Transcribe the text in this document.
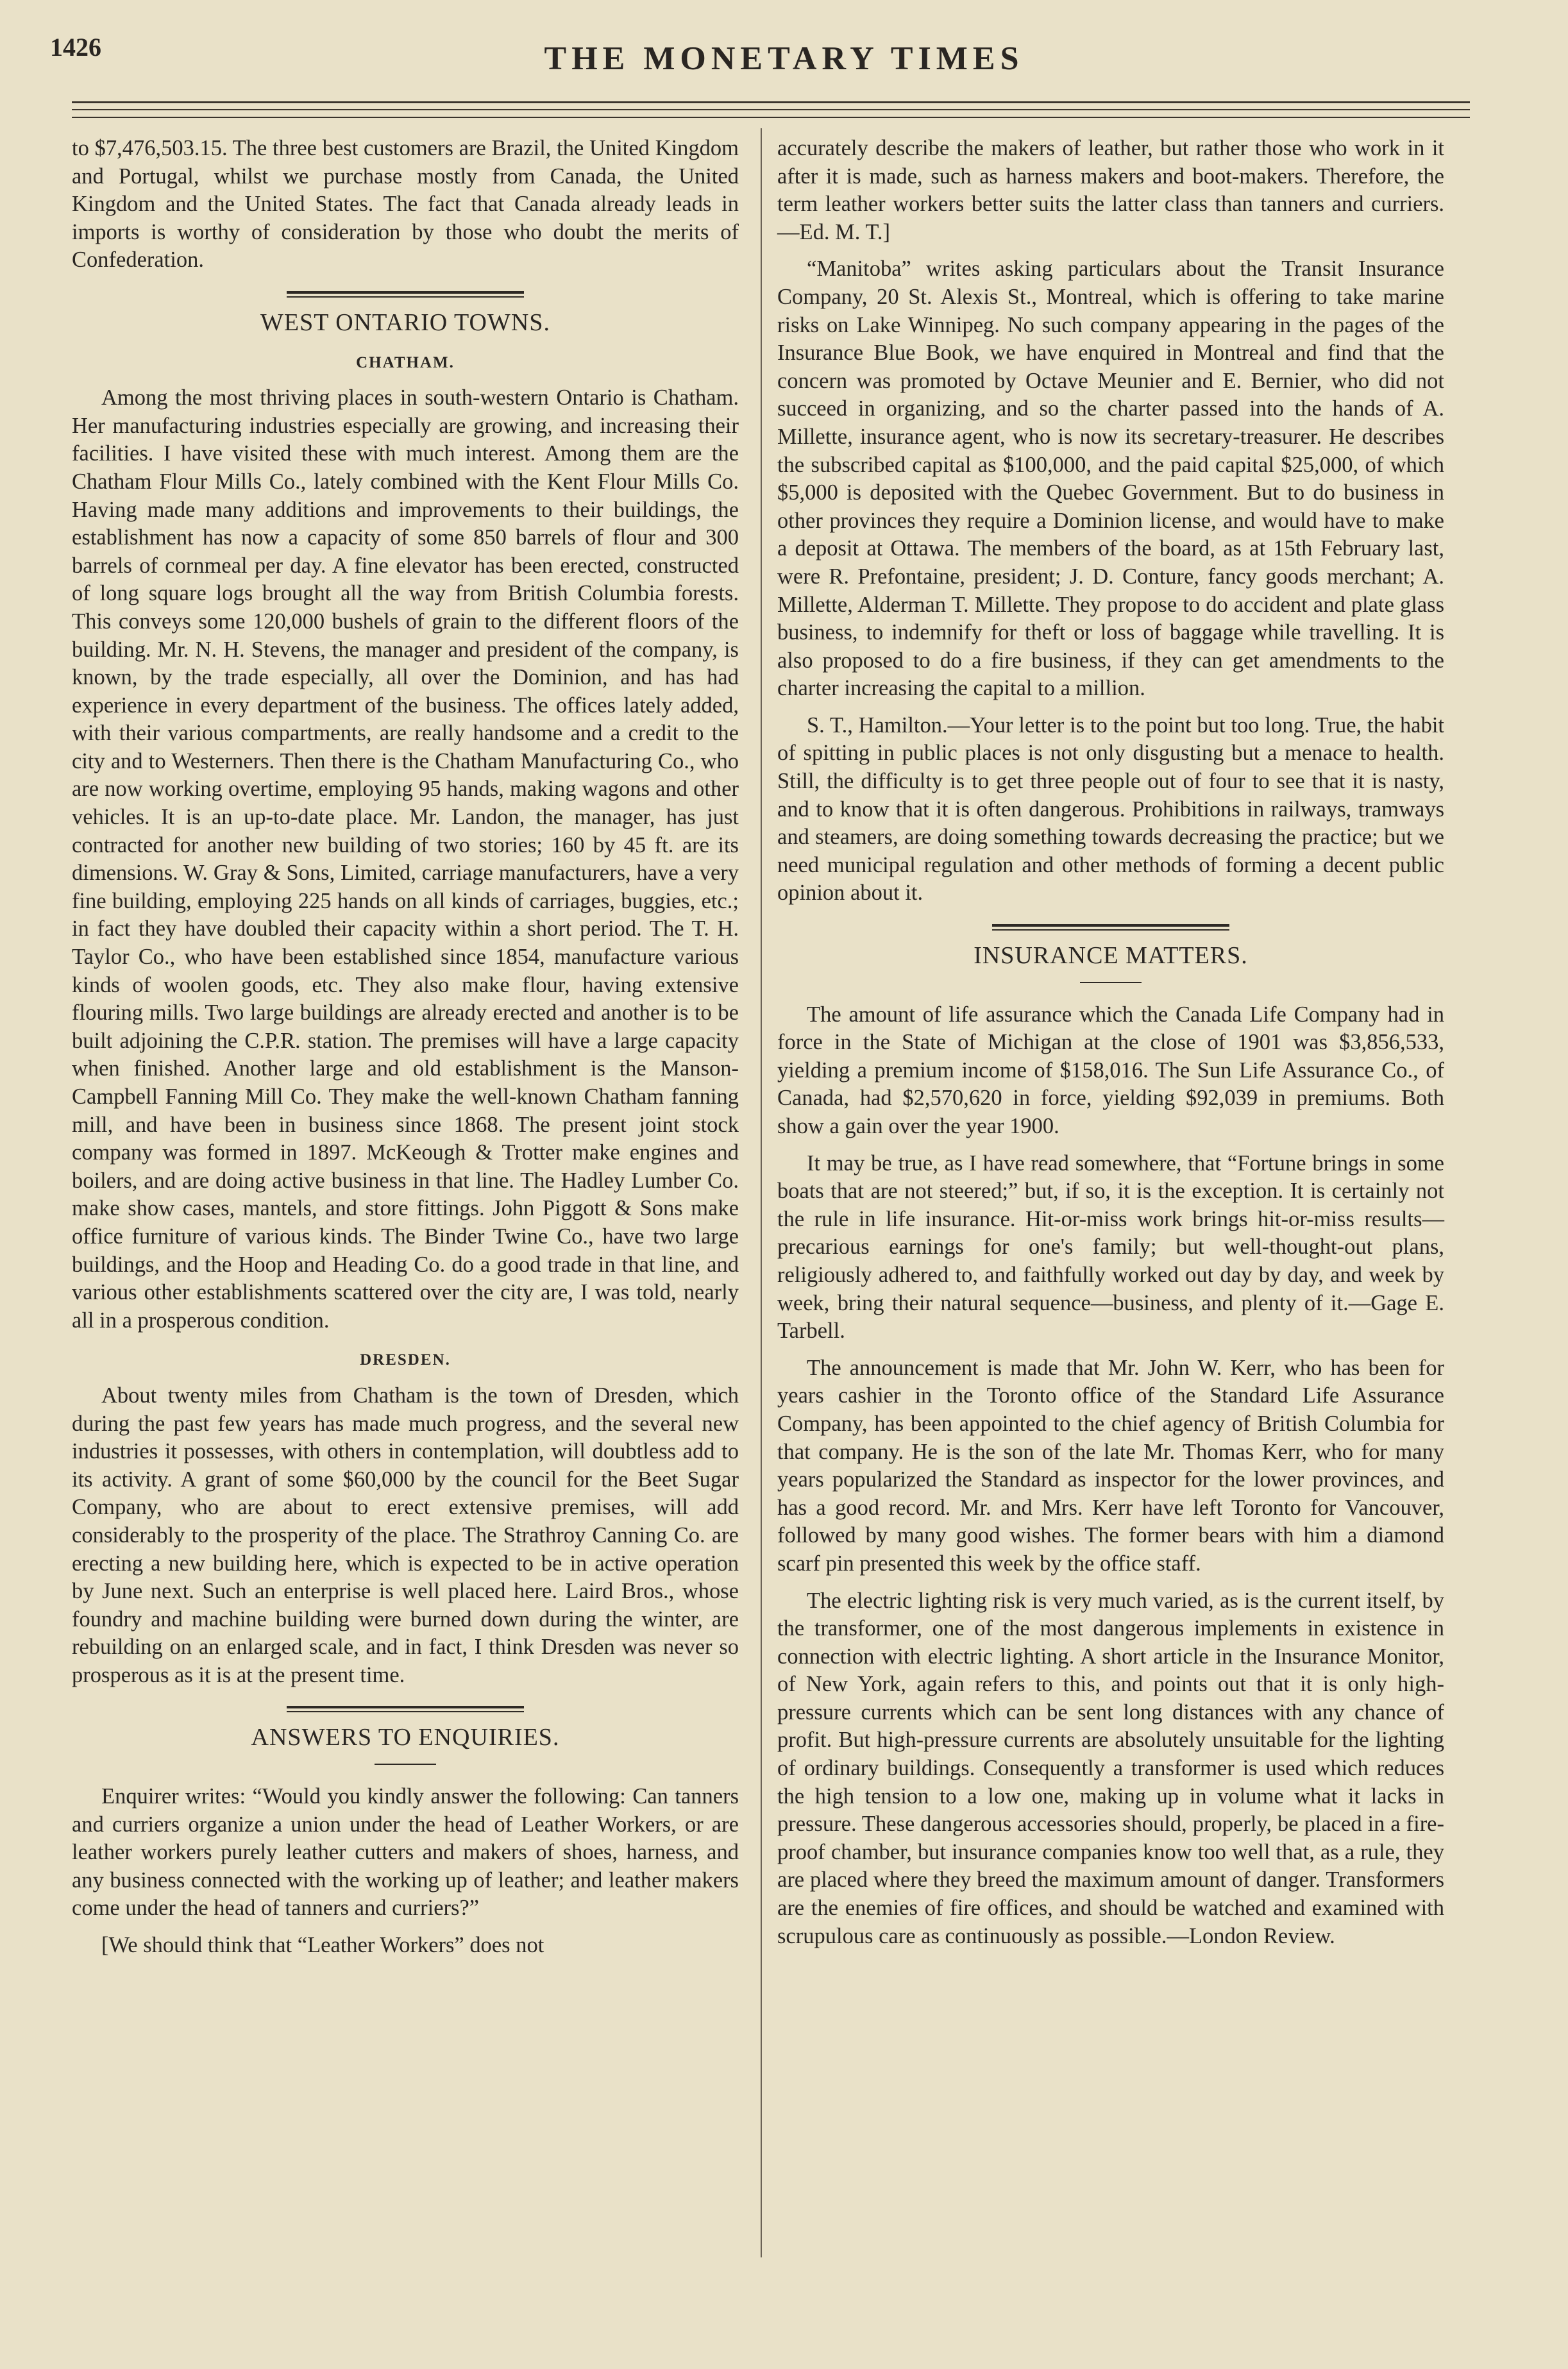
1426	THE MONETARY TIMES

to $7,476,503.15. The three best customers are Brazil, the United Kingdom and Portugal, whilst we purchase mostly from Canada, the United Kingdom and the United States. The fact that Canada already leads in imports is worthy of consideration by those who doubt the merits of Confederation.

WEST ONTARIO TOWNS.
CHATHAM.

Among the most thriving places in south-western Ontario is Chatham. Her manufacturing industries especially are growing, and increasing their facilities. I have visited these with much interest. Among them are the Chatham Flour Mills Co., lately combined with the Kent Flour Mills Co. Having made many additions and improvements to their buildings, the establishment has now a capacity of some 850 barrels of flour and 300 barrels of cornmeal per day. A fine elevator has been erected, constructed of long square logs brought all the way from British Columbia forests. This conveys some 120,000 bushels of grain to the different floors of the building. Mr. N. H. Stevens, the manager and president of the company, is known, by the trade especially, all over the Dominion, and has had experience in every department of the business. The offices lately added, with their various compartments, are really handsome and a credit to the city and to Westerners. Then there is the Chatham Manufacturing Co., who are now working overtime, employing 95 hands, making wagons and other vehicles. It is an up-to-date place. Mr. Landon, the manager, has just contracted for another new building of two stories; 160 by 45 ft. are its dimensions. W. Gray & Sons, Limited, carriage manufacturers, have a very fine building, employing 225 hands on all kinds of carriages, buggies, etc.; in fact they have doubled their capacity within a short period. The T. H. Taylor Co., who have been established since 1854, manufacture various kinds of woolen goods, etc. They also make flour, having extensive flouring mills. Two large buildings are already erected and another is to be built adjoining the C.P.R. station. The premises will have a large capacity when finished. Another large and old establishment is the Manson-Campbell Fanning Mill Co. They make the well-known Chatham fanning mill, and have been in business since 1868. The present joint stock company was formed in 1897. McKeough & Trotter make engines and boilers, and are doing active business in that line. The Hadley Lumber Co. make show cases, mantels, and store fittings. John Piggott & Sons make office furniture of various kinds. The Binder Twine Co., have two large buildings, and the Hoop and Heading Co. do a good trade in that line, and various other establishments scattered over the city are, I was told, nearly all in a prosperous condition.

DRESDEN.

About twenty miles from Chatham is the town of Dresden, which during the past few years has made much progress, and the several new industries it possesses, with others in contemplation, will doubtless add to its activity. A grant of some $60,000 by the council for the Beet Sugar Company, who are about to erect extensive premises, will add considerably to the prosperity of the place. The Strathroy Canning Co. are erecting a new building here, which is expected to be in active operation by June next. Such an enterprise is well placed here. Laird Bros., whose foundry and machine building were burned down during the winter, are rebuilding on an enlarged scale, and in fact, I think Dresden was never so prosperous as it is at the present time.

ANSWERS TO ENQUIRIES.

Enquirer writes: “Would you kindly answer the following: Can tanners and curriers organize a union under the head of Leather Workers, or are leather workers purely leather cutters and makers of shoes, harness, and any business connected with the working up of leather; and leather makers come under the head of tanners and curriers?”

[We should think that “Leather Workers” does not

accurately describe the makers of leather, but rather those who work in it after it is made, such as harness makers and boot-makers. Therefore, the term leather workers better suits the latter class than tanners and curriers.—Ed. M. T.]

“Manitoba” writes asking particulars about the Transit Insurance Company, 20 St. Alexis St., Montreal, which is offering to take marine risks on Lake Winnipeg. No such company appearing in the pages of the Insurance Blue Book, we have enquired in Montreal and find that the concern was promoted by Octave Meunier and E. Bernier, who did not succeed in organizing, and so the charter passed into the hands of A. Millette, insurance agent, who is now its secretary-treasurer. He describes the subscribed capital as $100,000, and the paid capital $25,000, of which $5,000 is deposited with the Quebec Government. But to do business in other provinces they require a Dominion license, and would have to make a deposit at Ottawa. The members of the board, as at 15th February last, were R. Prefontaine, president; J. D. Conture, fancy goods merchant; A. Millette, Alderman T. Millette. They propose to do accident and plate glass business, to indemnify for theft or loss of baggage while travelling. It is also proposed to do a fire business, if they can get amendments to the charter increasing the capital to a million.

S. T., Hamilton.—Your letter is to the point but too long. True, the habit of spitting in public places is not only disgusting but a menace to health. Still, the difficulty is to get three people out of four to see that it is nasty, and to know that it is often dangerous. Prohibitions in railways, tramways and steamers, are doing something towards decreasing the practice; but we need municipal regulation and other methods of forming a decent public opinion about it.

INSURANCE MATTERS.

The amount of life assurance which the Canada Life Company had in force in the State of Michigan at the close of 1901 was $3,856,533, yielding a premium income of $158,016. The Sun Life Assurance Co., of Canada, had $2,570,620 in force, yielding $92,039 in premiums. Both show a gain over the year 1900.

It may be true, as I have read somewhere, that “Fortune brings in some boats that are not steered;” but, if so, it is the exception. It is certainly not the rule in life insurance. Hit-or-miss work brings hit-or-miss results—precarious earnings for one's family; but well-thought-out plans, religiously adhered to, and faithfully worked out day by day, and week by week, bring their natural sequence—business, and plenty of it.—Gage E. Tarbell.

The announcement is made that Mr. John W. Kerr, who has been for years cashier in the Toronto office of the Standard Life Assurance Company, has been appointed to the chief agency of British Columbia for that company. He is the son of the late Mr. Thomas Kerr, who for many years popularized the Standard as inspector for the lower provinces, and has a good record. Mr. and Mrs. Kerr have left Toronto for Vancouver, followed by many good wishes. The former bears with him a diamond scarf pin presented this week by the office staff.

The electric lighting risk is very much varied, as is the current itself, by the transformer, one of the most dangerous implements in existence in connection with electric lighting. A short article in the Insurance Monitor, of New York, again refers to this, and points out that it is only high-pressure currents which can be sent long distances with any chance of profit. But high-pressure currents are absolutely unsuitable for the lighting of ordinary buildings. Consequently a transformer is used which reduces the high tension to a low one, making up in volume what it lacks in pressure. These dangerous accessories should, properly, be placed in a fire-proof chamber, but insurance companies know too well that, as a rule, they are placed where they breed the maximum amount of danger. Transformers are the enemies of fire offices, and should be watched and examined with scrupulous care as continuously as possible.—London Review.
